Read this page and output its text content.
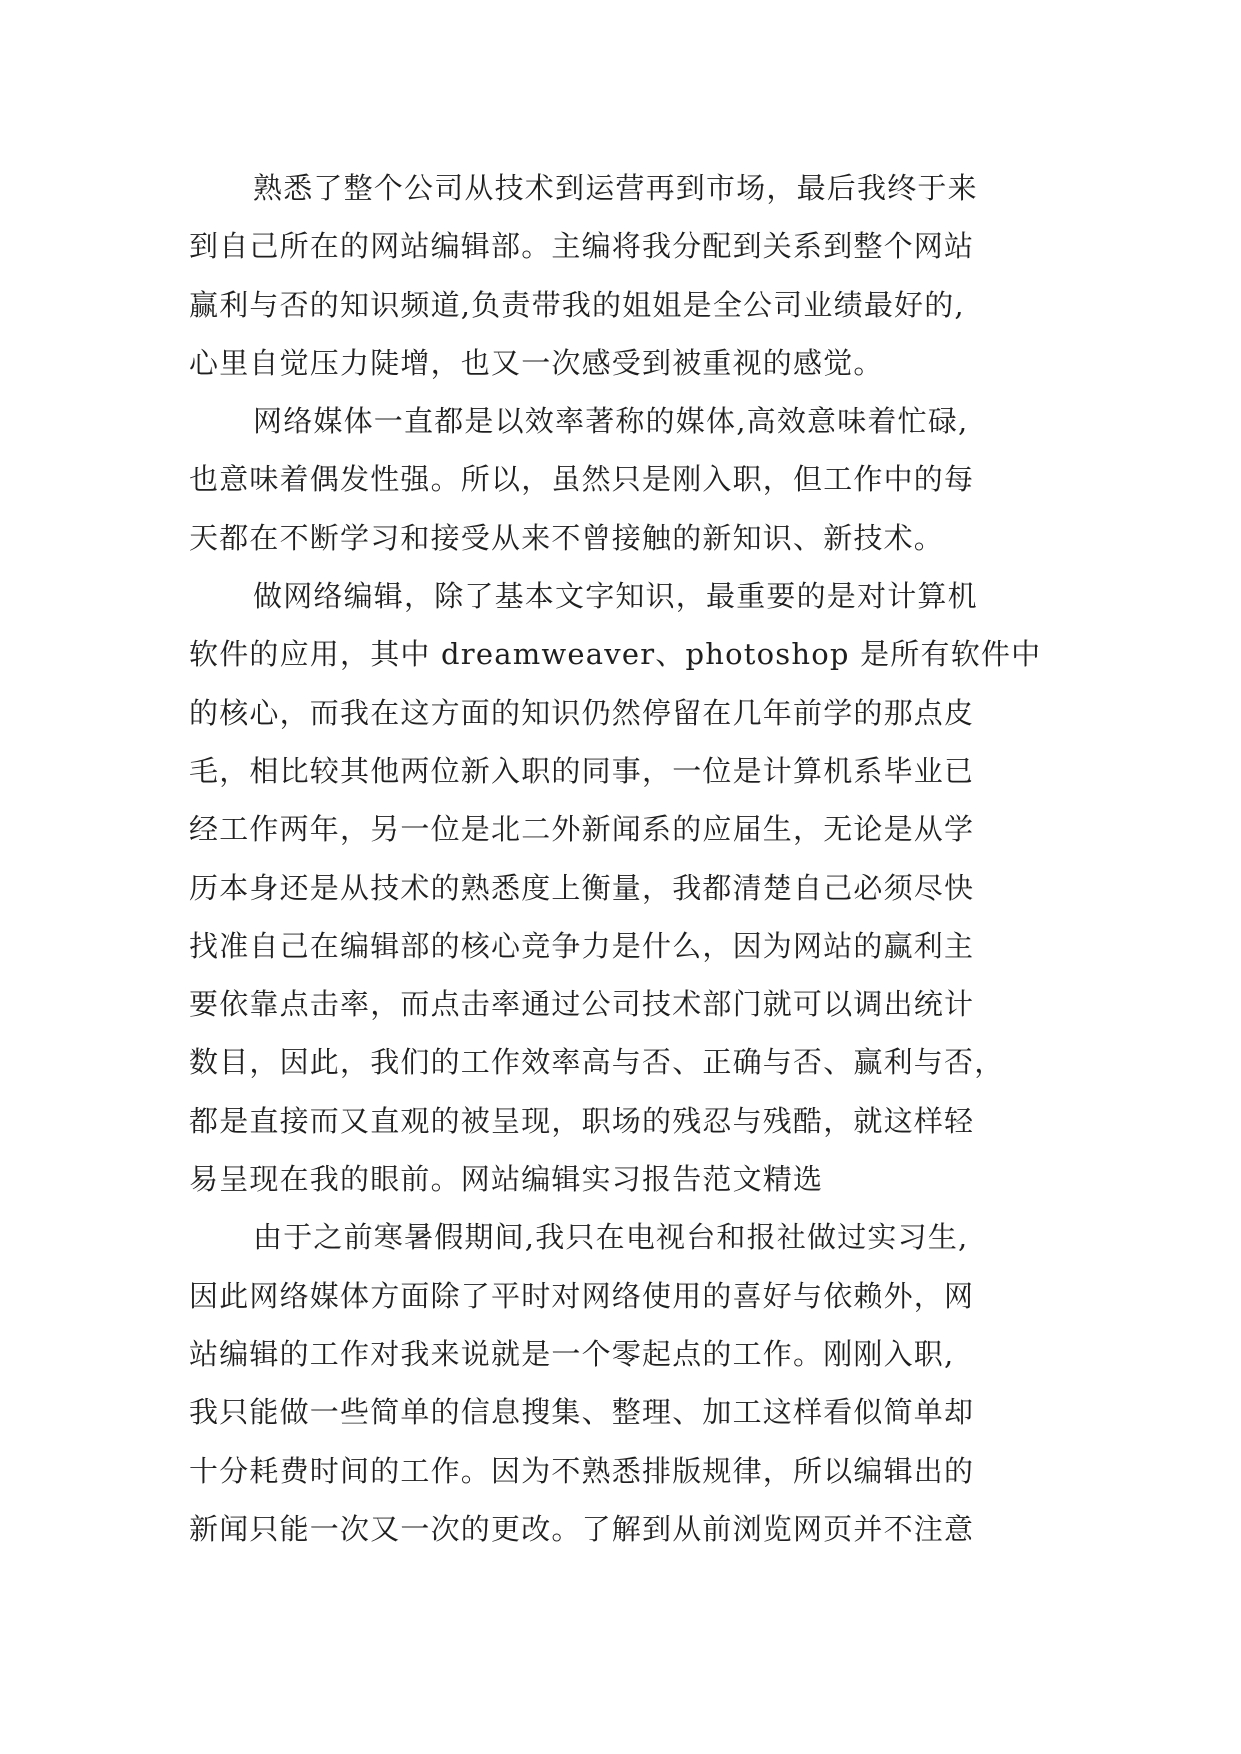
熟悉了整个公司从技术到运营再到市场，最后我终于来
到自己所在的网站编辑部。主编将我分配到关系到整个网站
赢利与否的知识频道,负责带我的姐姐是全公司业绩最好的,
心里自觉压力陡增，也又一次感受到被重视的感觉。
网络媒体一直都是以效率著称的媒体,高效意味着忙碌,
也意味着偶发性强。所以，虽然只是刚入职，但工作中的每
天都在不断学习和接受从来不曾接触的新知识、新技术。
做网络编辑，除了基本文字知识，最重要的是对计算机
软件的应用，其中 dreamweaver、photoshop 是所有软件中
的核心，而我在这方面的知识仍然停留在几年前学的那点皮
毛，相比较其他两位新入职的同事，一位是计算机系毕业已
经工作两年，另一位是北二外新闻系的应届生，无论是从学
历本身还是从技术的熟悉度上衡量，我都清楚自己必须尽快
找准自己在编辑部的核心竞争力是什么，因为网站的赢利主
要依靠点击率，而点击率通过公司技术部门就可以调出统计
数目，因此，我们的工作效率高与否、正确与否、赢利与否，
都是直接而又直观的被呈现，职场的残忍与残酷，就这样轻
易呈现在我的眼前。网站编辑实习报告范文精选
由于之前寒暑假期间,我只在电视台和报社做过实习生,
因此网络媒体方面除了平时对网络使用的喜好与依赖外，网
站编辑的工作对我来说就是一个零起点的工作。刚刚入职,
我只能做一些简单的信息搜集、整理、加工这样看似简单却
十分耗费时间的工作。因为不熟悉排版规律，所以编辑出的
新闻只能一次又一次的更改。了解到从前浏览网页并不注意
